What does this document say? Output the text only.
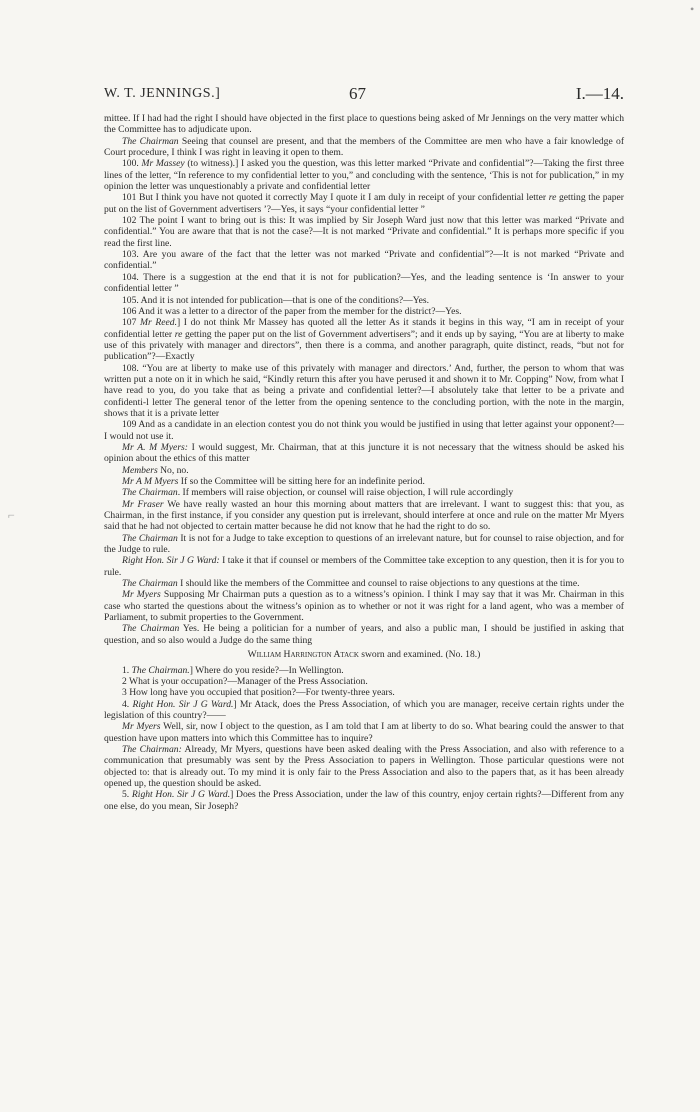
W. T. JENNINGS.]	67	I.—14.
•
⌐

mittee. If I had had the right I should have objected in the first place to questions being asked of Mr Jennings on the very matter which the Committee has to adjudicate upon.

The Chairman Seeing that counsel are present, and that the members of the Committee are men who have a fair knowledge of Court procedure, I think I was right in leaving it open to them.

100. Mr Massey (to witness).] I asked you the question, was this letter marked “Private and confidential”?—Taking the first three lines of the letter, “In reference to my confidential letter to you,” and concluding with the sentence, ‘This is not for publication,” in my opinion the letter was unquestionably a private and confidential letter

101 But I think you have not quoted it correctly May I quote it I am duly in receipt of your confidential letter re getting the paper put on the list of Government advertisers ’?—Yes, it says “your confidential letter ”

102 The point I want to bring out is this: It was implied by Sir Joseph Ward just now that this letter was marked “Private and confidential.” You are aware that that is not the case?—It is not marked “Private and confidential.” It is perhaps more specific if you read the first line.

103. Are you aware of the fact that the letter was not marked “Private and confidential”?—It is not marked “Private and confidential.”

104. There is a suggestion at the end that it is not for publication?—Yes, and the leading sentence is ‘In answer to your confidential letter ”

105. And it is not intended for publication—that is one of the conditions?—Yes.

106 And it was a letter to a director of the paper from the member for the district?—Yes.

107 Mr Reed.] I do not think Mr Massey has quoted all the letter As it stands it begins in this way, “I am in receipt of your confidential letter re getting the paper put on the list of Government advertisers”; and it ends up by saying, “You are at liberty to make use of this privately with manager and directors”, then there is a comma, and another paragraph, quite distinct, reads, “but not for publication”?—Exactly

108. “You are at liberty to make use of this privately with manager and directors.’ And, further, the person to whom that was written put a note on it in which he said, “Kindly return this after you have perused it and shown it to Mr. Copping” Now, from what I have read to you, do you take that as being a private and confidential letter?—I absolutely take that letter to be a private and confidenti-l letter The general tenor of the letter from the opening sentence to the concluding portion, with the note in the margin, shows that it is a private letter

109 And as a candidate in an election contest you do not think you would be justified in using that letter against your opponent?—I would not use it.

Mr A. M Myers: I would suggest, Mr. Chairman, that at this juncture it is not necessary that the witness should be asked his opinion about the ethics of this matter

Members No, no.

Mr A M Myers If so the Committee will be sitting here for an indefinite period.

The Chairman. If members will raise objection, or counsel will raise objection, I will rule accordingly

Mr Fraser We have really wasted an hour this morning about matters that are irrelevant. I want to suggest this: that you, as Chairman, in the first instance, if you consider any question put is irrelevant, should interfere at once and rule on the matter Mr Myers said that he had not objected to certain matter because he did not know that he had the right to do so.

The Chairman It is not for a Judge to take exception to questions of an irrelevant nature, but for counsel to raise objection, and for the Judge to rule.

Right Hon. Sir J G Ward: I take it that if counsel or members of the Committee take exception to any question, then it is for you to rule.

The Chairman I should like the members of the Committee and counsel to raise objections to any questions at the time.

Mr Myers Supposing Mr Chairman puts a question as to a witness’s opinion. I think I may say that it was Mr. Chairman in this case who started the questions about the witness’s opinion as to whether or not it was right for a land agent, who was a member of Parliament, to submit properties to the Government.

The Chairman Yes. He being a politician for a number of years, and also a public man, I should be justified in asking that question, and so also would a Judge do the same thing

William Harrington Atack sworn and examined. (No. 18.)

1. The Chairman.] Where do you reside?—In Wellington.

2 What is your occupation?—Manager of the Press Association.

3 How long have you occupied that position?—For twenty-three years.

4. Right Hon. Sir J G Ward.] Mr Atack, does the Press Association, of which you are manager, receive certain rights under the legislation of this country?——

Mr Myers Well, sir, now I object to the question, as I am told that I am at liberty to do so. What bearing could the answer to that question have upon matters into which this Committee has to inquire?

The Chairman: Already, Mr Myers, questions have been asked dealing with the Press Association, and also with reference to a communication that presumably was sent by the Press Association to papers in Wellington. Those particular questions were not objected to: that is already out. To my mind it is only fair to the Press Association and also to the papers that, as it has been already opened up, the question should be asked.

5. Right Hon. Sir J G Ward.] Does the Press Association, under the law of this country, enjoy certain rights?—Different from any one else, do you mean, Sir Joseph?
